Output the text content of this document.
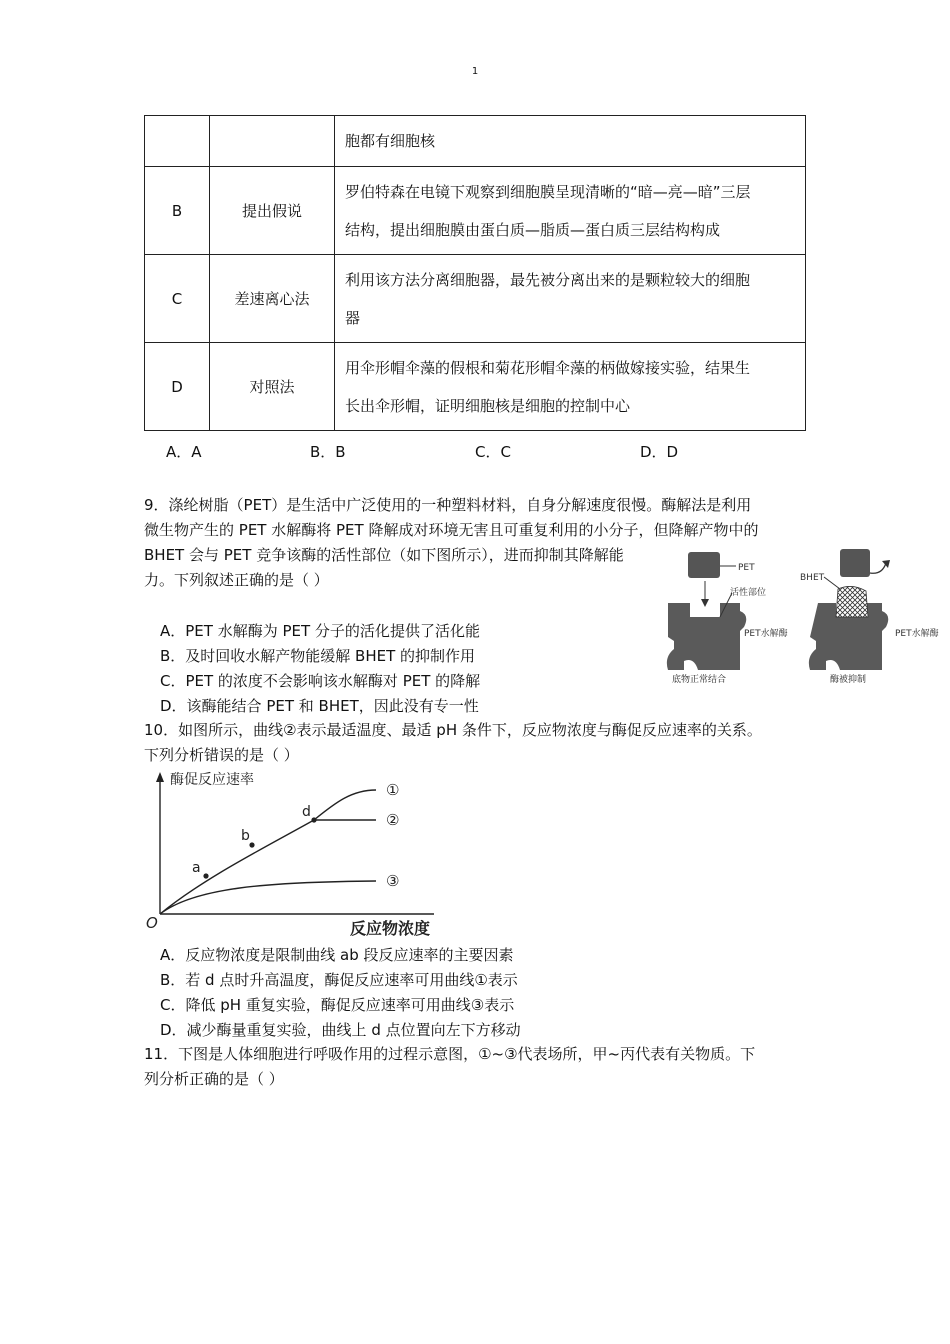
1

		胞都有细胞核

B	提出假说	罗伯特森在电镜下观察到细胞膜呈现清晰的“暗—亮—暗”三层
结构，提出细胞膜由蛋白质—脂质—蛋白质三层结构构成

C	差速离心法	利用该方法分离细胞器，最先被分离出来的是颗粒较大的细胞
器

D	对照法	用伞形帽伞藻的假根和菊花形帽伞藻的柄做嫁接实验，结果生
长出伞形帽，证明细胞核是细胞的控制中心
A．A	B．B	C．C	D．D
9．涤纶树脂（PET）是生活中广泛使用的一种塑料材料，自身分解速度很慢。酶解法是利用
微生物产生的 PET 水解酶将 PET 降解成对环境无害且可重复利用的小分子，但降解产物中的
BHET 会与 PET 竞争该酶的活性部位（如下图所示），进而抑制其降解能
力。下列叙述正确的是（ ）
A．PET 水解酶为 PET 分子的活化提供了活化能
B．及时回收水解产物能缓解 BHET 的抑制作用
C．PET 的浓度不会影响该水解酶对 PET 的降解
D．该酶能结合 PET 和 BHET，因此没有专一性
PET
活性部位
PET水解酶
底物正常结合
BHET
PET水解酶
酶被抑制
10．如图所示，曲线②表示最适温度、最适 pH 条件下，反应物浓度与酶促反应速率的关系。
下列分析错误的是（ ）
酶促反应速率
反应物浓度
O
a
b
d
①
②
③
A．反应物浓度是限制曲线 ab 段反应速率的主要因素
B．若 d 点时升高温度，酶促反应速率可用曲线①表示
C．降低 pH 重复实验，酶促反应速率可用曲线③表示
D．减少酶量重复实验，曲线上 d 点位置向左下方移动
11．下图是人体细胞进行呼吸作用的过程示意图，①~③代表场所，甲~丙代表有关物质。下
列分析正确的是（ ）
